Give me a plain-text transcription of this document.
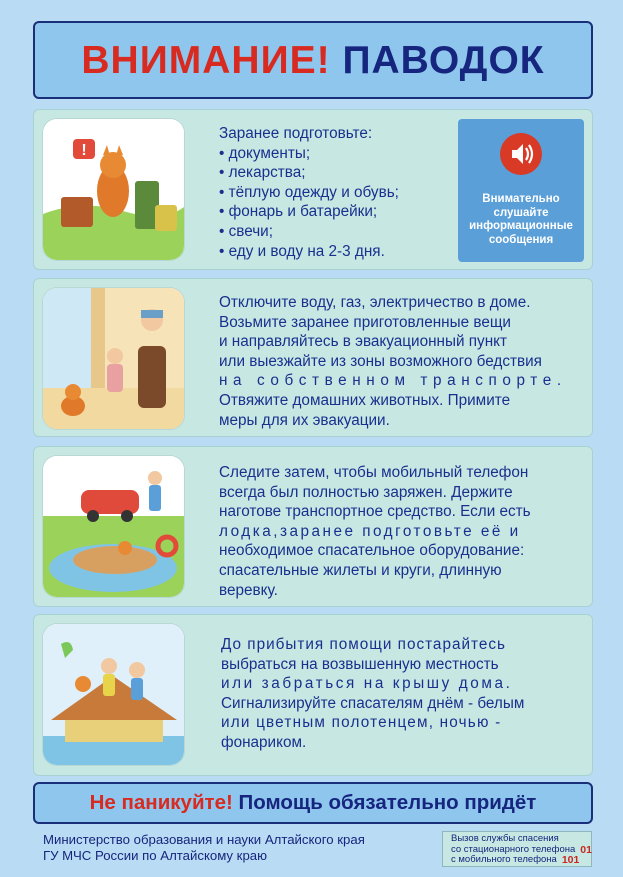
ВНИМАНИЕ! ПАВОДОК
!
Заранее подготовьте:
• документы;
• лекарства;
• тёплую одежду и обувь;
• фонарь и батарейки;
• свечи;
• еду и воду на 2-3 дня.
Внимательно
слушайте
информационные
сообщения
Отключите воду, газ, электричество в доме.
Возьмите заранее приготовленные вещи
и направляйтесь в эвакуационный пункт
или выезжайте из зоны возможного бедствия
на собственном транспорте.
Отвяжите домашних животных. Примите
меры для их эвакуации.
Следите затем, чтобы мобильный телефон
всегда был полностью заряжен. Держите
наготове транспортное средство. Если есть
лодка,заранее подготовьте её и
необходимое спасательное оборудование:
спасательные жилеты и круги, длинную
веревку.
До прибытия помощи постарайтесь
выбраться на возвышенную местность
или забраться на крышу дома.
Сигнализируйте спасателям днём - белым
или цветным полотенцем, ночью -
фонариком.
Не паникуйте! Помощь обязательно придёт
Министерство образования и науки Алтайского края
ГУ МЧС России по Алтайскому краю
Вызов службы спасения
со стационарного телефона 01
с мобильного телефона 101
